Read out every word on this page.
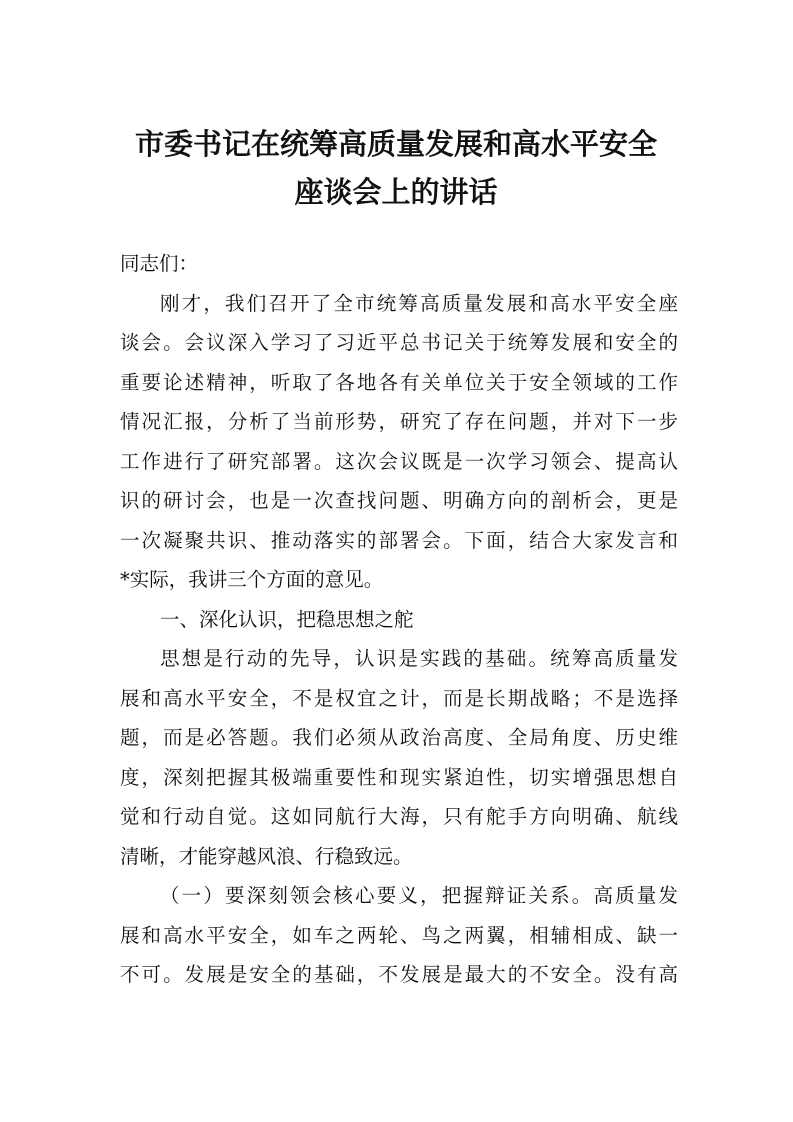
市委书记在统筹高质量发展和高水平安全
座谈会上的讲话
同志们：
刚才，我们召开了全市统筹高质量发展和高水平安全座
谈会。会议深入学习了习近平总书记关于统筹发展和安全的
重要论述精神，听取了各地各有关单位关于安全领域的工作
情况汇报，分析了当前形势，研究了存在问题，并对下一步
工作进行了研究部署。这次会议既是一次学习领会、提高认
识的研讨会，也是一次查找问题、明确方向的剖析会，更是
一次凝聚共识、推动落实的部署会。下面，结合大家发言和
*实际，我讲三个方面的意见。
一、深化认识，把稳思想之舵
思想是行动的先导，认识是实践的基础。统筹高质量发
展和高水平安全，不是权宜之计，而是长期战略；不是选择
题，而是必答题。我们必须从政治高度、全局角度、历史维
度，深刻把握其极端重要性和现实紧迫性，切实增强思想自
觉和行动自觉。这如同航行大海，只有舵手方向明确、航线
清晰，才能穿越风浪、行稳致远。
（一）要深刻领会核心要义，把握辩证关系。高质量发
展和高水平安全，如车之两轮、鸟之两翼，相辅相成、缺一
不可。发展是安全的基础，不发展是最大的不安全。没有高
